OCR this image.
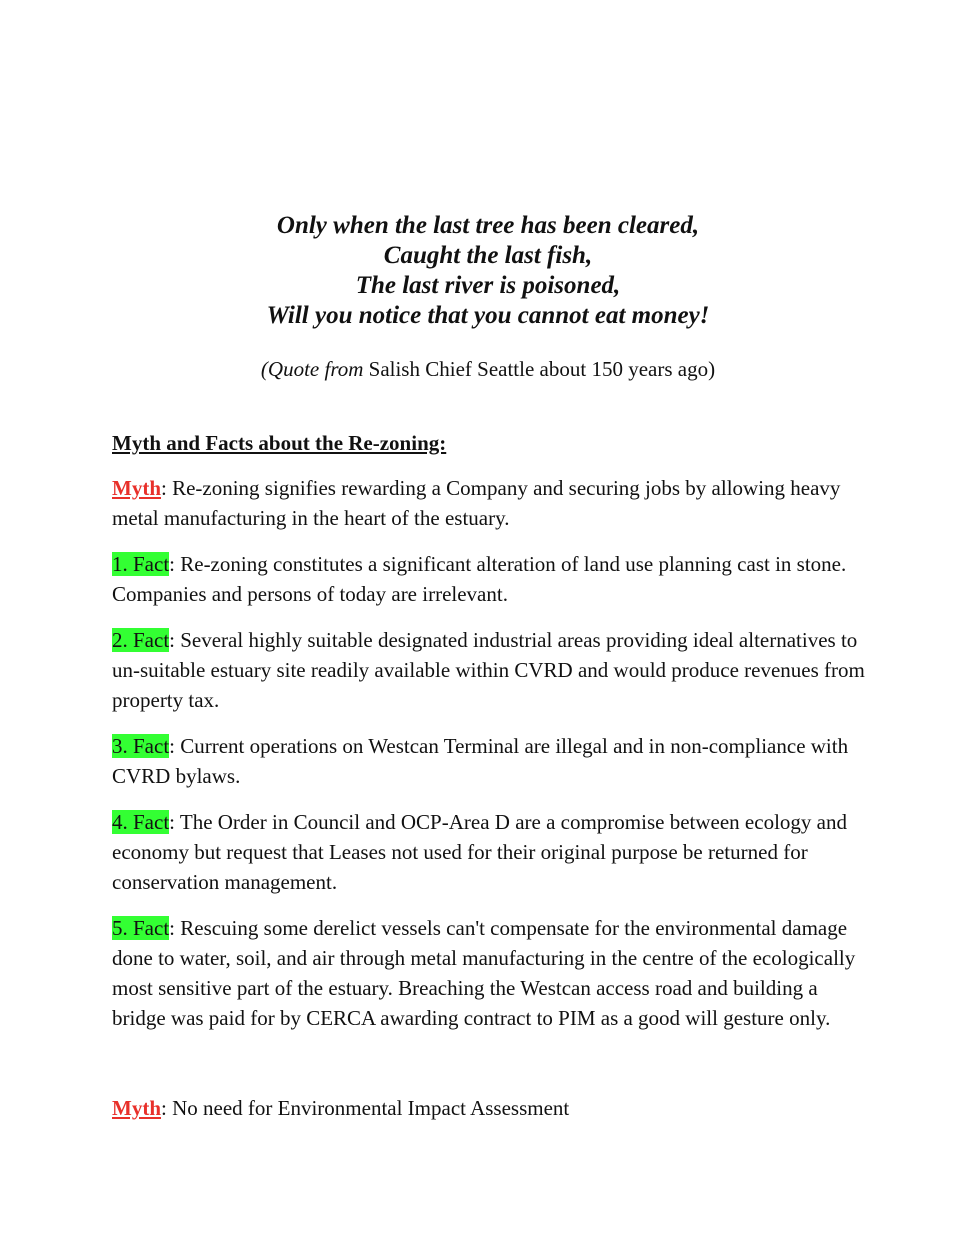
Only when the last tree has been cleared,
Caught the last fish,
The last river is poisoned,
Will you notice that you cannot eat money!
(Quote from Salish Chief Seattle about 150 years ago)
Myth and Facts about the Re-zoning:
Myth: Re-zoning signifies rewarding a Company and securing jobs by allowing heavy metal manufacturing in the heart of the estuary.
1. Fact: Re-zoning constitutes a significant alteration of land use planning cast in stone. Companies and persons of today are irrelevant.
2. Fact: Several highly suitable designated industrial areas providing ideal alternatives to un-suitable estuary site readily available within CVRD and would produce revenues from property tax.
3. Fact: Current operations on Westcan Terminal are illegal and in non-compliance with CVRD bylaws.
4. Fact: The Order in Council and OCP-Area D are a compromise between ecology and economy but request that Leases not used for their original purpose be returned for conservation management.
5. Fact: Rescuing some derelict vessels can't compensate for the environmental damage done to water, soil, and air through metal manufacturing in the centre of the ecologically most sensitive part of the estuary. Breaching the Westcan access road and building a bridge was paid for by CERCA awarding contract to PIM as a good will gesture only.
Myth: No need for Environmental Impact Assessment
